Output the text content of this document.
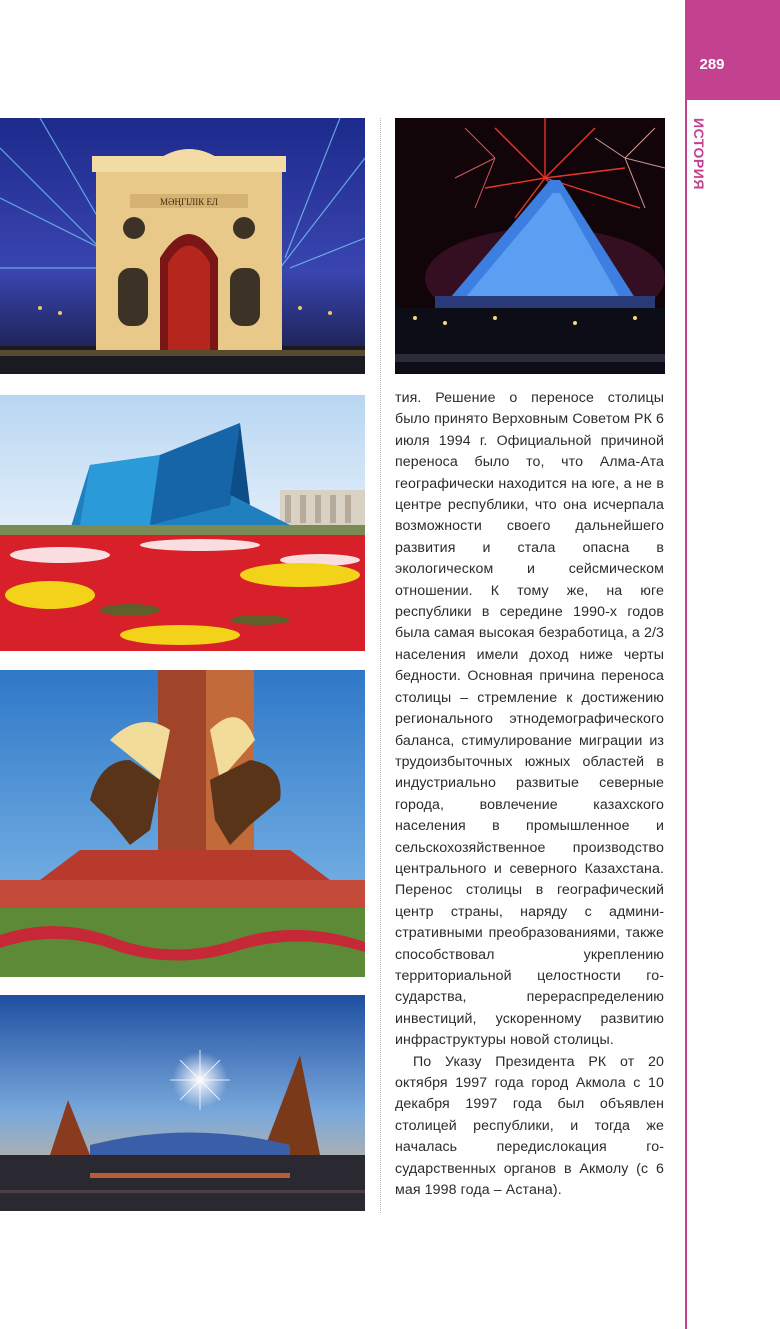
289
ИСТОРИЯ
МӘҢГІЛІК ЕЛ

тия. Решение о переносе столицы было принято Верховным Советом РК 6 июля 1994 г. Официальной причиной переноса было то, что Алма-Ата географически находится на юге, а не в центре республики, что она исчерпала возможности своего дальнейшего развития и стала опасна в экологическом и сейсмическом отношении. К тому же, на юге республики в середине 1990-х годов была самая высокая безработица, а 2/3 населения имели доход ниже черты бедности. Основная причина переноса столицы – стремление к достижению регионального этнодемографического баланса, стимулирование миграции из трудоизбыточных южных областей в индустриально развитые северные города, вовлечение казахского населения в промышленное и сельскохозяйственное производство центрального и северного Казахстана. Перенос столицы в географический центр страны, наряду с административными преобразованиями, также способствовал укреплению территориальной целостности государства, перераспределению инвестиций, ускоренному развитию инфраструктуры новой столицы.

По Указу Президента РК от 20 октября 1997 года город Акмола с 10 декабря 1997 года был объявлен столицей республики, и тогда же началась передислокация государственных органов в Акмолу (с 6 мая 1998 года – Астана).
